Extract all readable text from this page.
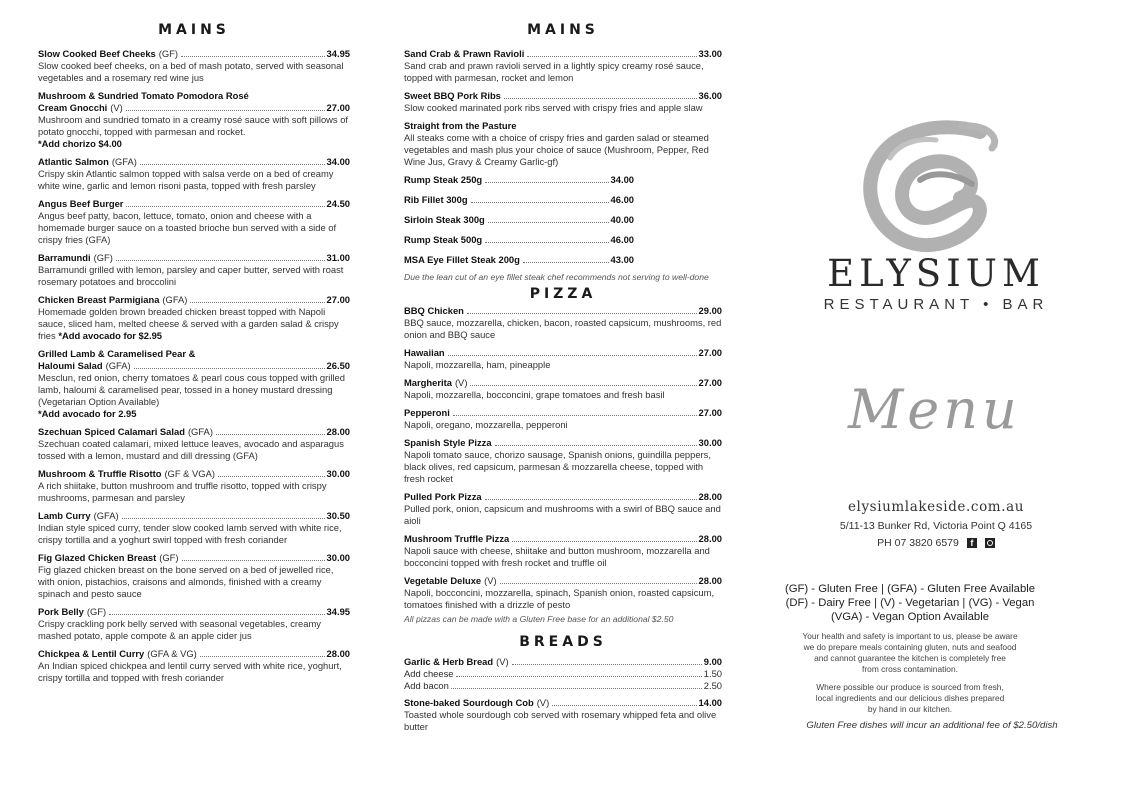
MAINS
Slow Cooked Beef Cheeks (GF)	34.95
Slow cooked beef cheeks, on a bed of mash potato, served with seasonal vegetables and a rosemary red wine jus
Mushroom & Sundried Tomato Pomodora Rosé
Cream Gnocchi (V)	27.00
Mushroom and sundried tomato in a creamy rosé sauce with soft pillows of potato gnocchi, topped with parmesan and rocket.
*Add chorizo $4.00
Atlantic Salmon (GFA)	34.00
Crispy skin Atlantic salmon topped with salsa verde on a bed of creamy white wine, garlic and lemon risoni pasta, topped with fresh parsley
Angus Beef Burger	24.50
Angus beef patty, bacon, lettuce, tomato, onion and cheese with a homemade burger sauce on a toasted brioche bun served with a side of crispy fries (GFA)
Barramundi (GF)	31.00
Barramundi grilled with lemon, parsley and caper butter, served with roast rosemary potatoes and broccolini
Chicken Breast Parmigiana (GFA)	27.00
Homemade golden brown breaded chicken breast topped with Napoli sauce, sliced ham, melted cheese & served with a garden salad & crispy fries *Add avocado for $2.95
Grilled Lamb & Caramelised Pear &
Haloumi Salad (GFA)	26.50
Mesclun, red onion, cherry tomatoes & pearl cous cous topped with grilled lamb, haloumi & caramelised pear, tossed in a honey mustard dressing (Vegetarian Option Available)
*Add avocado for 2.95
Szechuan Spiced Calamari Salad (GFA)	28.00
Szechuan coated calamari, mixed lettuce leaves, avocado and asparagus tossed with a lemon, mustard and dill dressing (GFA)
Mushroom & Truffle Risotto (GF & VGA)	30.00
A rich shiitake, button mushroom and truffle risotto, topped with crispy mushrooms, parmesan and parsley
Lamb Curry (GFA)	30.50
Indian style spiced curry, tender slow cooked lamb served with white rice, crispy tortilla and a yoghurt swirl topped with fresh coriander
Fig Glazed Chicken Breast (GF)	30.00
Fig glazed chicken breast on the bone served on a bed of jewelled rice, with onion, pistachios, craisons and almonds, finished with a creamy spinach and pesto sauce
Pork Belly (GF)	34.95
Crispy crackling pork belly served with seasonal vegetables, creamy mashed potato, apple compote & an apple cider jus
Chickpea & Lentil Curry (GFA & VG)	28.00
An Indian spiced chickpea and lentil curry served with white rice, yoghurt, crispy tortilla and topped with fresh coriander
MAINS
Sand Crab & Prawn Ravioli	33.00
Sand crab and prawn ravioli served in a lightly spicy creamy rosé sauce, topped with parmesan, rocket and lemon
Sweet BBQ Pork Ribs	36.00
Slow cooked marinated pork ribs served with crispy fries and apple slaw
Straight from the Pasture
All steaks come with a choice of crispy fries and garden salad or steamed vegetables and mash plus your choice of sauce (Mushroom, Pepper, Red Wine Jus, Gravy & Creamy Garlic-gf)
Rump Steak 250g	34.00
Rib Fillet 300g	46.00
Sirloin Steak 300g	40.00
Rump Steak 500g	46.00
MSA Eye Fillet Steak 200g	43.00
Due the lean cut of an eye fillet steak chef recommends not serving to well-done
PIZZA
BBQ Chicken	29.00
BBQ sauce, mozzarella, chicken, bacon, roasted capsicum, mushrooms, red onion and BBQ sauce
Hawaiian	27.00
Napoli, mozzarella, ham, pineapple
Margherita (V)	27.00
Napoli, mozzarella, bocconcini, grape tomatoes and fresh basil
Pepperoni	27.00
Napoli, oregano, mozzarella, pepperoni
Spanish Style Pizza	30.00
Napoli tomato sauce, chorizo sausage, Spanish onions, guindilla peppers, black olives, red capsicum, parmesan & mozzarella cheese, topped with fresh rocket
Pulled Pork Pizza	28.00
Pulled pork, onion, capsicum and mushrooms with a swirl of BBQ sauce and aioli
Mushroom Truffle Pizza	28.00
Napoli sauce with cheese, shiitake and button mushroom, mozzarella and bocconcini topped with fresh rocket and truffle oil
Vegetable Deluxe (V)	28.00
Napoli, bocconcini, mozzarella, spinach, Spanish onion, roasted capsicum, tomatoes finished with a drizzle of pesto
All pizzas can be made with a Gluten Free base for an additional $2.50
BREADS
Garlic & Herb Bread (V)	9.00
Add cheese	1.50
Add bacon	2.50
Stone-baked Sourdough Cob (V)	14.00
Toasted whole sourdough cob served with rosemary whipped feta and olive butter
ELYSIUM
RESTAURANT • BAR
Menu
elysiumlakeside.com.au
5/11-13 Bunker Rd, Victoria Point Q 4165
PH 07 3820 6579	f
(GF) - Gluten Free | (GFA) - Gluten Free Available
(DF) - Dairy Free | (V) - Vegetarian | (VG) - Vegan
(VGA) - Vegan Option Available
Your health and safety is important to us, please be aware
we do prepare meals containing gluten, nuts and seafood
and cannot guarantee the kitchen is completely free
from cross contamination.
Where possible our produce is sourced from fresh,
local ingredients and our delicious dishes prepared
by hand in our kitchen.
Gluten Free dishes will incur an additional fee of $2.50/dish
